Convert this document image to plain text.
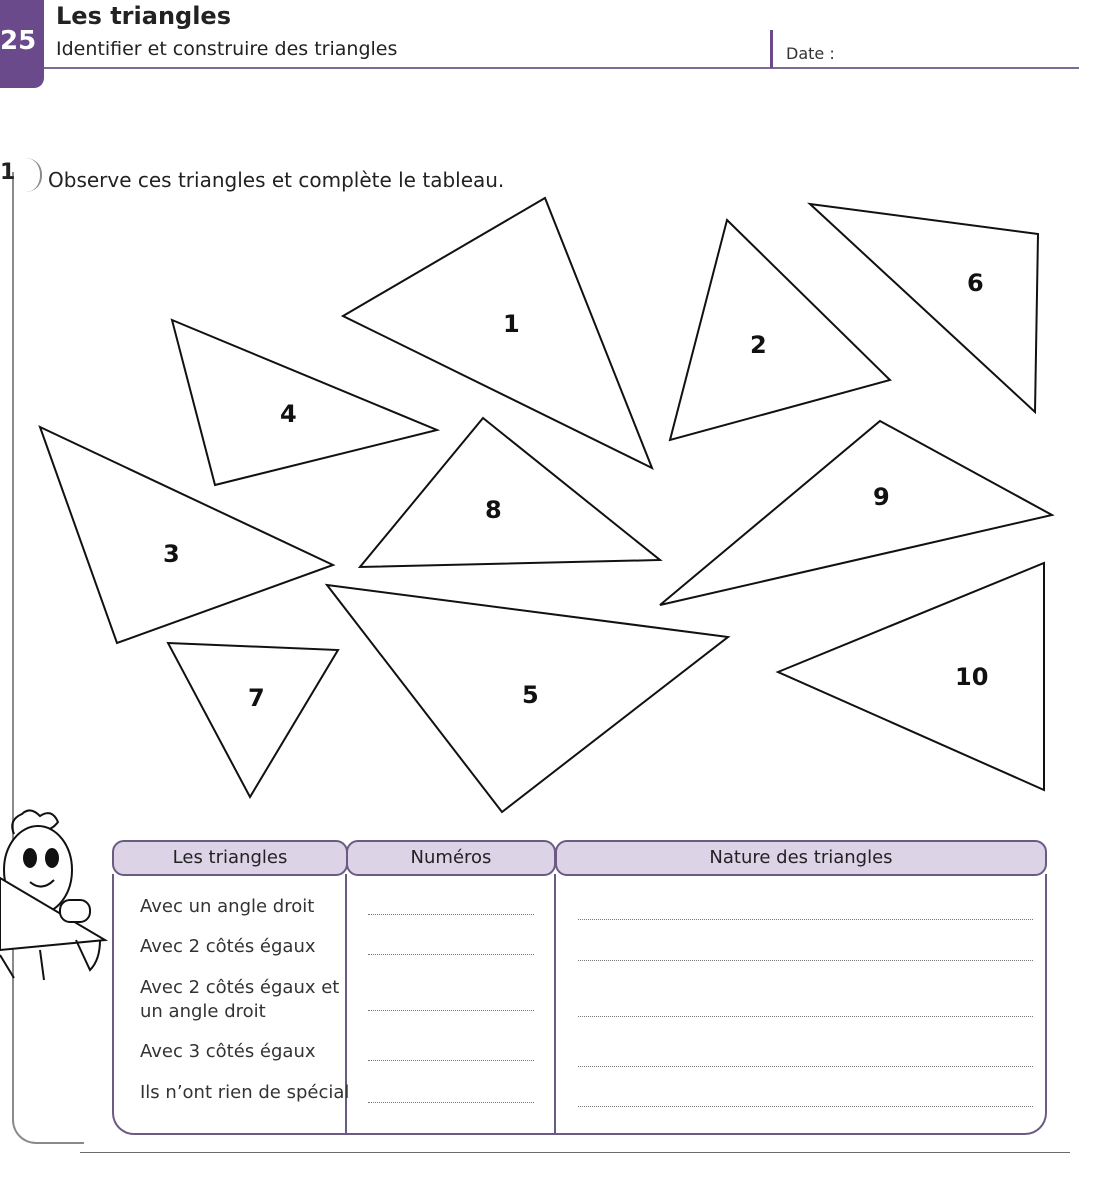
25
Les triangles
Identifier et construire des triangles	Date :
1 Observe ces triangles et complète le tableau.
1
2
3
4
5
6
7
8	9
10
Les triangles	Numéros	Nature des triangles
Avec un angle droit
Avec 2 côtés égaux
Avec 2 côtés égaux et
un angle droit
Avec 3 côtés égaux
Ils n’ont rien de spécial
